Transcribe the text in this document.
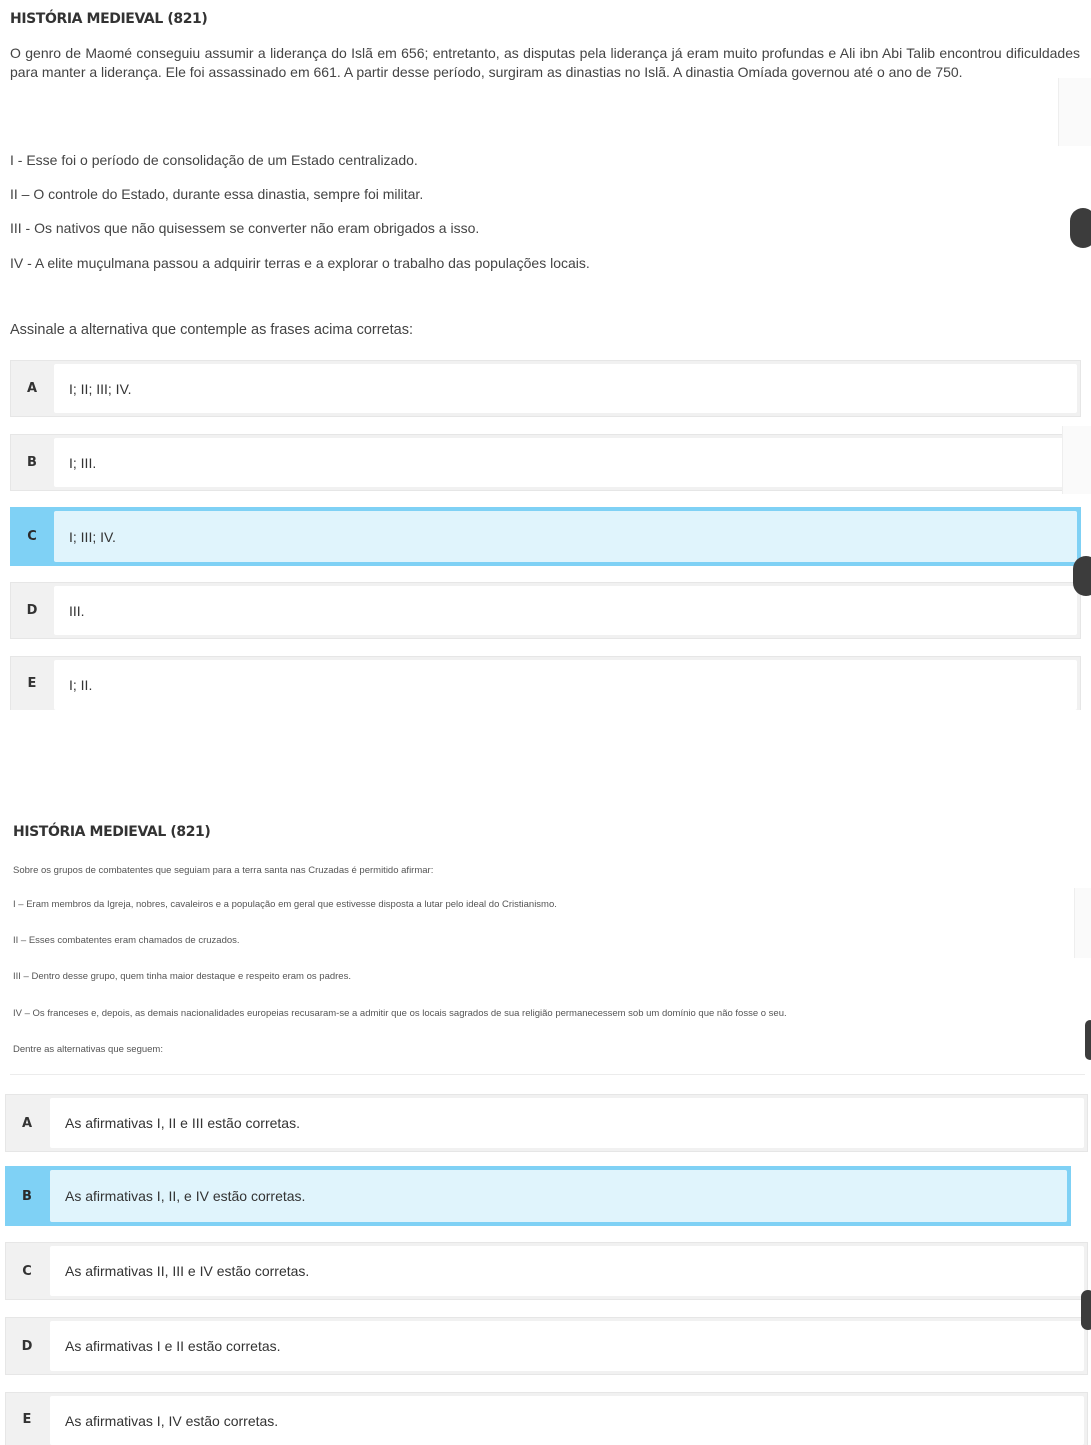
HISTÓRIA MEDIEVAL (821)
O genro de Maomé conseguiu assumir a liderança do Islã em 656; entretanto, as disputas pela liderança já eram muito profundas e Ali ibn Abi Talib encontrou dificuldades para manter a liderança. Ele foi assassinado em 661. A partir desse período, surgiram as dinastias no Islã. A dinastia Omíada governou até o ano de 750.
I - Esse foi o período de consolidação de um Estado centralizado.
II – O controle do Estado, durante essa dinastia, sempre foi militar.
III - Os nativos que não quisessem se converter não eram obrigados a isso.
IV - A elite muçulmana passou a adquirir terras e a explorar o trabalho das populações locais.
Assinale a alternativa que contemple as frases acima corretas:
A	I; II; III; IV.
B	I; III.
C	I; III; IV.
D	III.
E	I; II.
HISTÓRIA MEDIEVAL (821)
Sobre os grupos de combatentes que seguiam para a terra santa nas Cruzadas é permitido afirmar:
I – Eram membros da Igreja, nobres, cavaleiros e a população em geral que estivesse disposta a lutar pelo ideal do Cristianismo.
II – Esses combatentes eram chamados de cruzados.
III – Dentro desse grupo, quem tinha maior destaque e respeito eram os padres.
IV – Os franceses e, depois, as demais nacionalidades europeias recusaram-se a admitir que os locais sagrados de sua religião permanecessem sob um domínio que não fosse o seu.
Dentre as alternativas que seguem:
A	As afirmativas I, II e III estão corretas.
B	As afirmativas I, II, e IV estão corretas.
C	As afirmativas II, III e IV estão corretas.
D	As afirmativas I e II estão corretas.
E	As afirmativas I, IV estão corretas.
